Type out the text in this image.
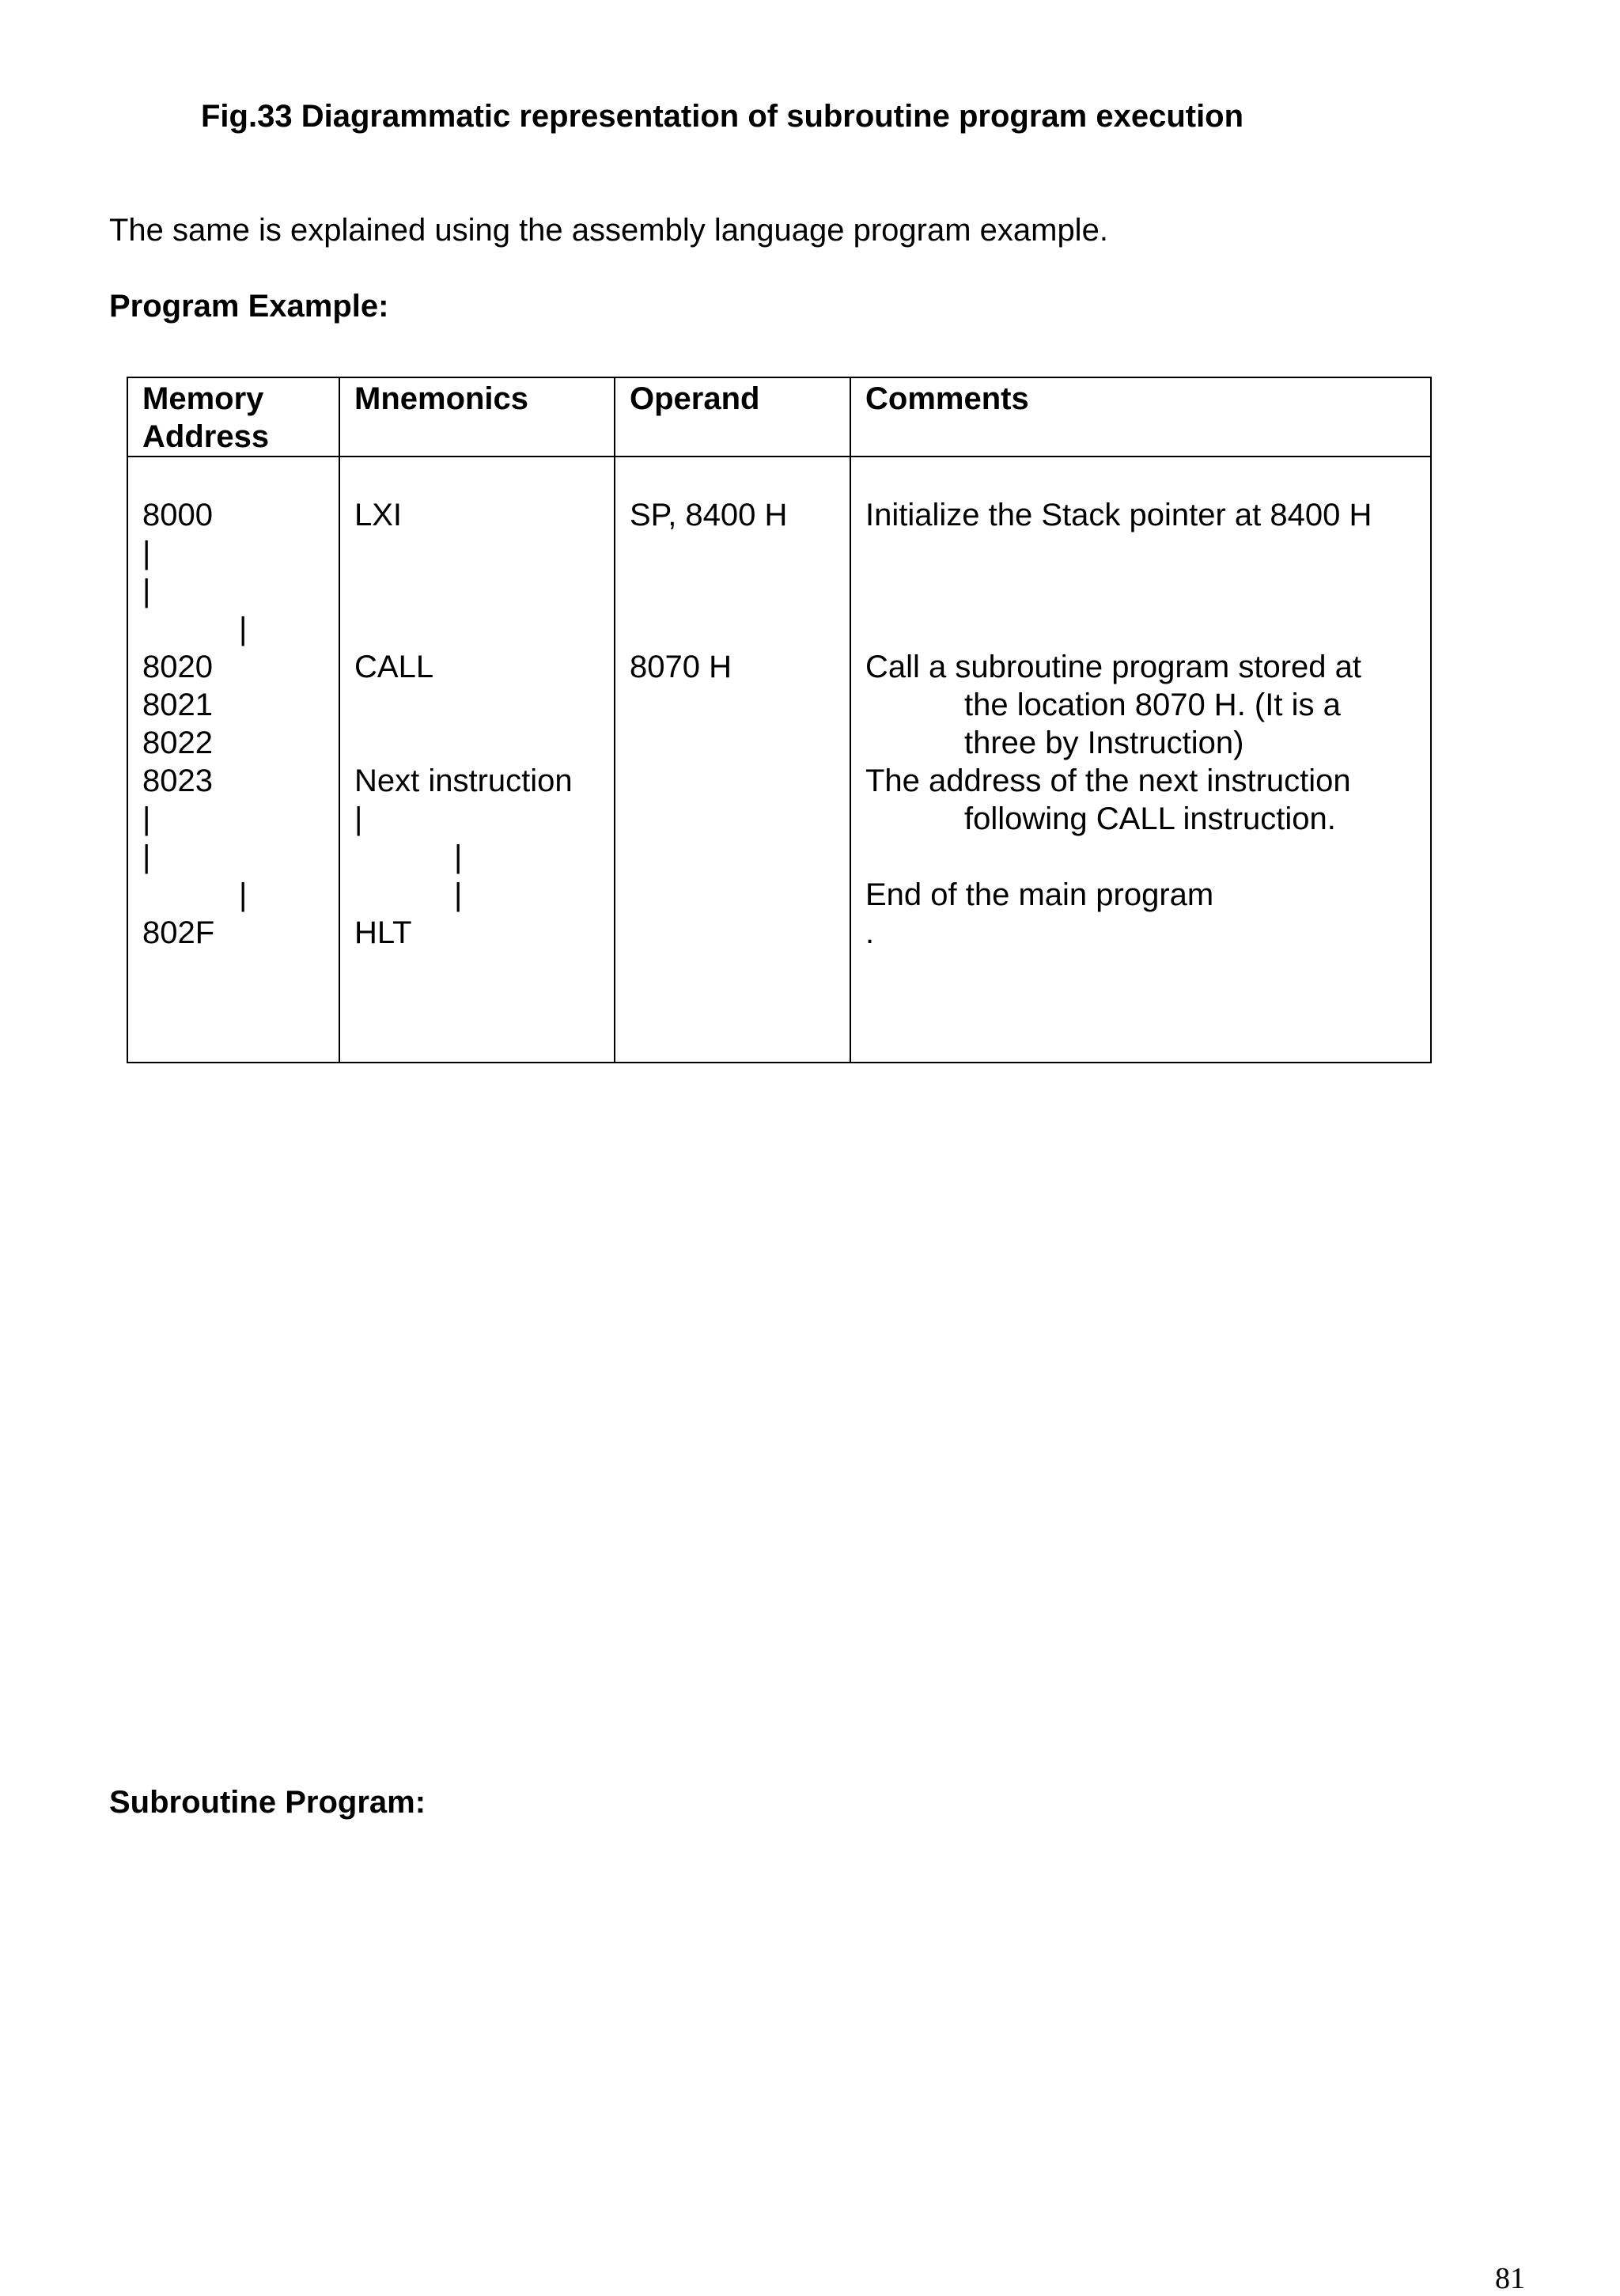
Fig.33 Diagrammatic representation of subroutine program execution
The same is explained using the assembly language program example.
Program Example:
Memory
Address
Mnemonics	Operand	Comments
8000
|
|
|
8020
8021
8022
8023
|
|
|
802F
LXI
CALL
Next instruction
|
|
|
HLT
SP, 8400 H
8070 H
Initialize the Stack pointer at 8400 H
Call a subroutine program stored at
the location 8070 H. (It is a
three by Instruction)
The address of the next instruction
following CALL instruction.
End of the main program
.
Subroutine Program:
81
